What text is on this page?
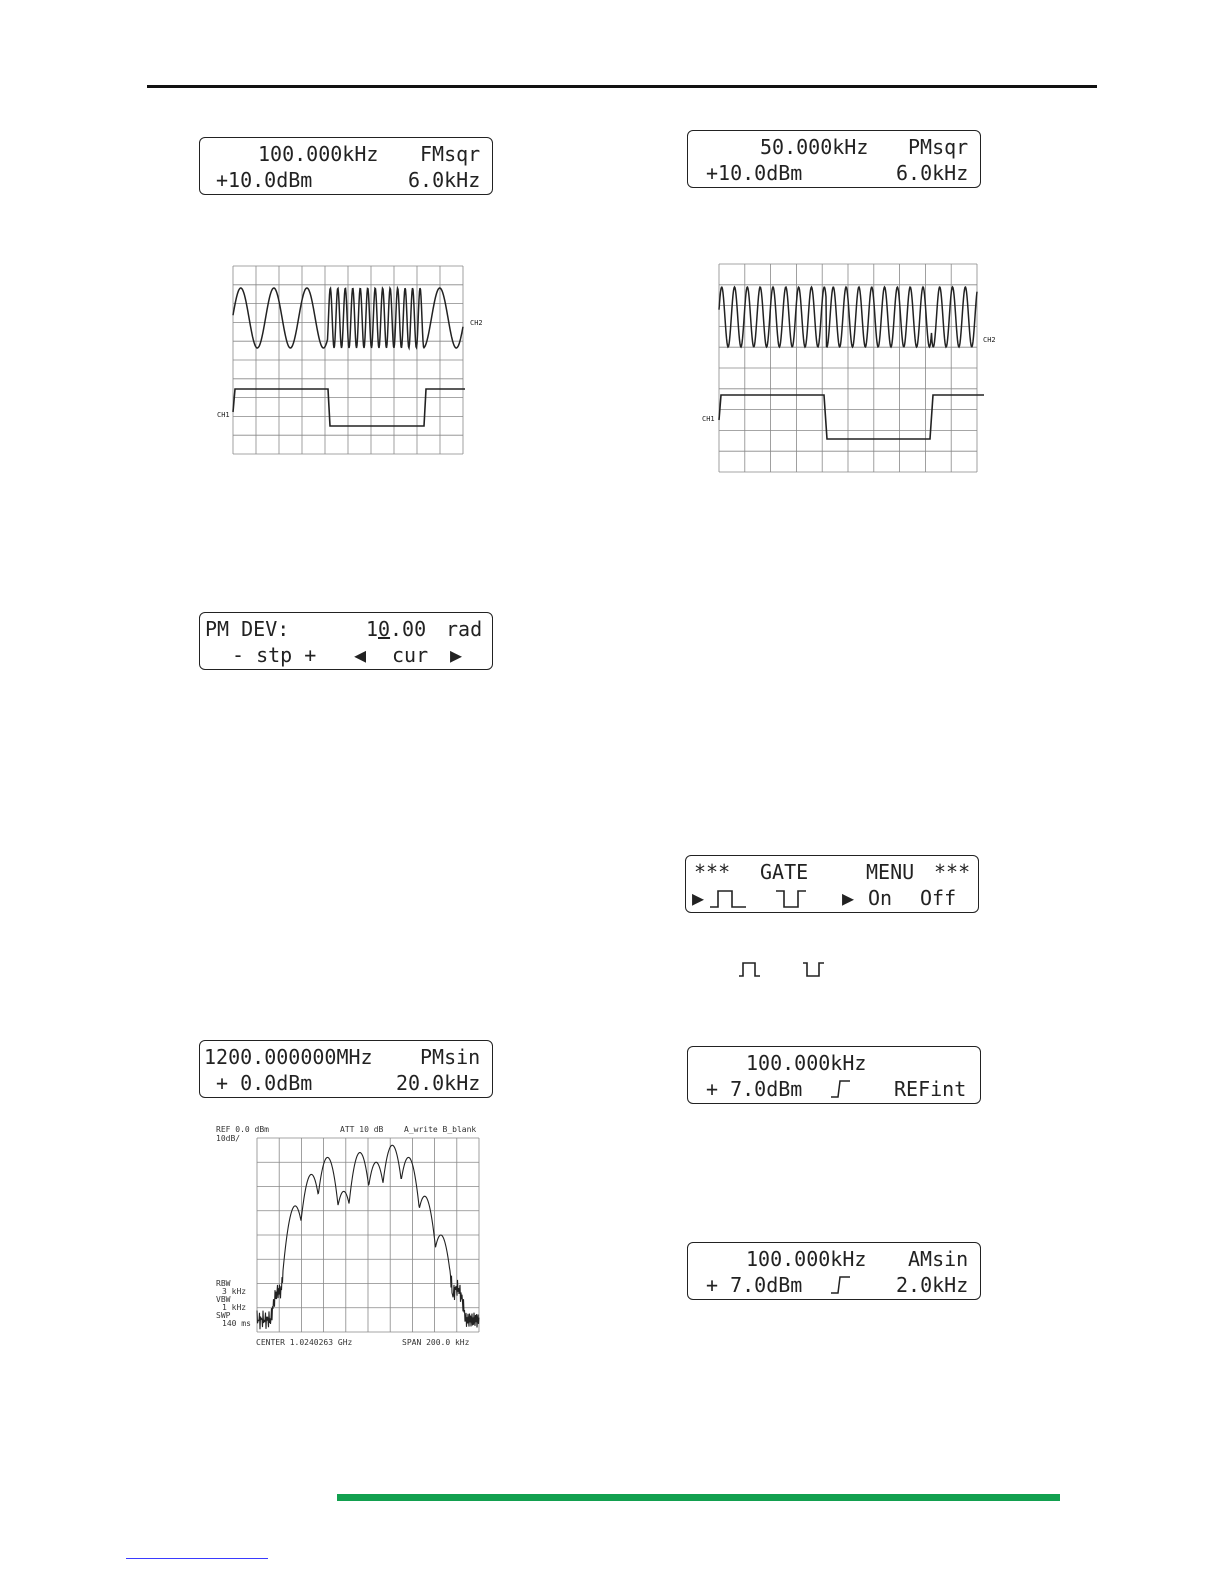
100.000kHz

FMsqr

+10.0dBm

	6.0kHz

50.000kHz

PMsqr

+10.0dBm

	6.0kHz

CH2
CH1
CH2
CH1

PM DEV:

	1

0

.00

rad

- stp +

◀

cur

▶

***

GATE

	MENU

***

▶

	▶

On

Off

1200.000000MHz

PMsin

+ 0.0dBm

	20.0kHz

100.000kHz

+ 7.0dBm

	REFint

REF 0.0 dBm
10dB/
ATT 10 dB	A_write B_blank
RBW
3 kHz
VBW
1 kHz
SWP
140 ms
CENTER 1.0240263 GHz	SPAN 200.0 kHz

100.000kHz

AMsin

+ 7.0dBm

	2.0kHz
